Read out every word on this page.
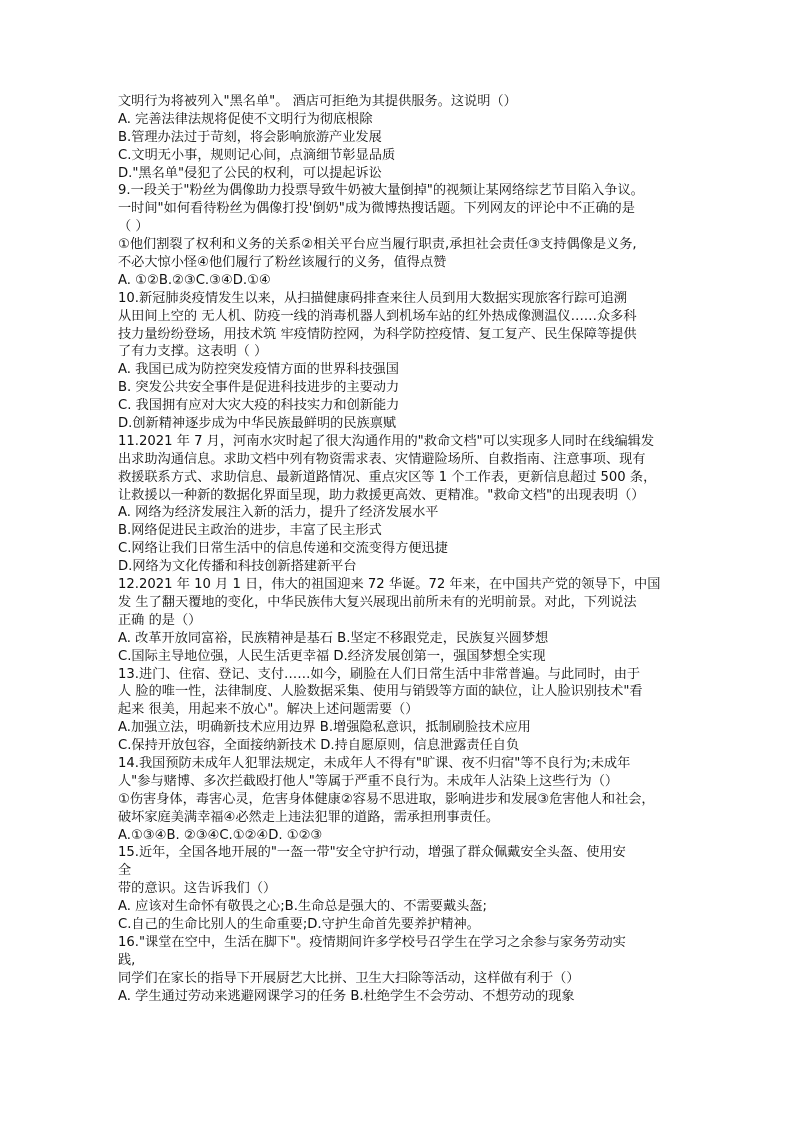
文明行为将被列入"黑名单"。 酒店可拒绝为其提供服务。这说明（）
A. 完善法律法规将促使不文明行为彻底根除
B.管理办法过于苛刻，将会影响旅游产业发展
C.文明无小事，规则记心间，点滴细节彰显品质
D."黑名单"侵犯了公民的权利，可以提起诉讼
9.一段关于"粉丝为偶像助力投票导致牛奶被大量倒掉"的视频让某网络综艺节目陷入争议。
一时间"如何看待粉丝为偶像打投'倒奶"成为微博热搜话题。下列网友的评论中不正确的是
（ ）
①他们割裂了权利和义务的关系②相关平台应当履行职责,承担社会责任③支持偶像是义务,
不必大惊小怪④他们履行了粉丝该履行的义务，值得点赞
A. ①②B.②③C.③④D.①④
10.新冠肺炎疫情发生以来，从扫描健康码排查来往人员到用大数据实现旅客行踪可追溯
从田间上空的 无人机、防疫一线的消毒机器人到机场车站的红外热成像测温仪……众多科
技力量纷纷登场，用技术筑 牢疫情防控网，为科学防控疫情、复工复产、民生保障等提供
了有力支撑。这表明（ ）
A. 我国已成为防控突发疫情方面的世界科技强国
B. 突发公共安全事件是促进科技进步的主要动力
C. 我国拥有应对大灾大疫的科技实力和创新能力
D.创新精神逐步成为中华民族最鲜明的民族禀赋
11.2021 年 7 月，河南水灾时起了很大沟通作用的"救命文档"可以实现多人同时在线编辑发
出求助沟通信息。求助文档中列有物资需求表、灾情避险场所、自救指南、注意事项、现有
救援联系方式、求助信息、最新道路情况、重点灾区等 1 个工作表，更新信息超过 500 条，
让救援以一种新的数据化界面呈现，助力救援更高效、更精准。"救命文档"的出现表明（）
A. 网络为经济发展注入新的活力，提升了经济发展水平
B.网络促进民主政治的进步，丰富了民主形式
C.网络让我们日常生活中的信息传递和交流变得方便迅捷
D.网络为文化传播和科技创新搭建新平台
12.2021 年 10 月 1 日，伟大的祖国迎来 72 华诞。72 年来，在中国共产党的领导下，中国
发 生了翻天覆地的变化，中华民族伟大复兴展现出前所未有的光明前景。对此，下列说法
正确 的是（）
A. 改革开放同富裕，民族精神是基石 B.坚定不移跟党走，民族复兴圆梦想
C.国际主导地位强，人民生活更幸福 D.经济发展创第一，强国梦想全实现
13.进门、住宿、登记、支付……如今，刷脸在人们日常生活中非常普遍。与此同时，由于
人 脸的唯一性，法律制度、人脸数据采集、使用与销毁等方面的缺位，让人脸识别技术"看
起来 很美，用起来不放心"。解决上述问题需要（）
A.加强立法，明确新技术应用边界 B.增强隐私意识，抵制刷脸技术应用
C.保持开放包容，全面接纳新技术 D.持自愿原则，信息泄露责任自负
14.我国预防未成年人犯罪法规定，未成年人不得有"旷课、夜不归宿"等不良行为;未成年
人"参与赌博、多次拦截殴打他人"等属于严重不良行为。未成年人沾染上这些行为（）
①伤害身体，毒害心灵，危害身体健康②容易不思进取，影响进步和发展③危害他人和社会，
破坏家庭美满幸福④必然走上违法犯罪的道路，需承担刑事责任。
A.①③④B. ②③④C.①②④D. ①②③
15.近年，全国各地开展的"一盔一带"安全守护行动，增强了群众佩戴安全头盔、使用安
全
带的意识。这告诉我们（）
A. 应该对生命怀有敬畏之心;B.生命总是强大的、不需要戴头盔;
C.自己的生命比别人的生命重要;D.守护生命首先要养护精神。
16."课堂在空中，生活在脚下"。疫情期间许多学校号召学生在学习之余参与家务劳动实
践,
同学们在家长的指导下开展厨艺大比拼、卫生大扫除等活动，这样做有利于（）
A. 学生通过劳动来逃避网课学习的任务 B.杜绝学生不会劳动、不想劳动的现象
